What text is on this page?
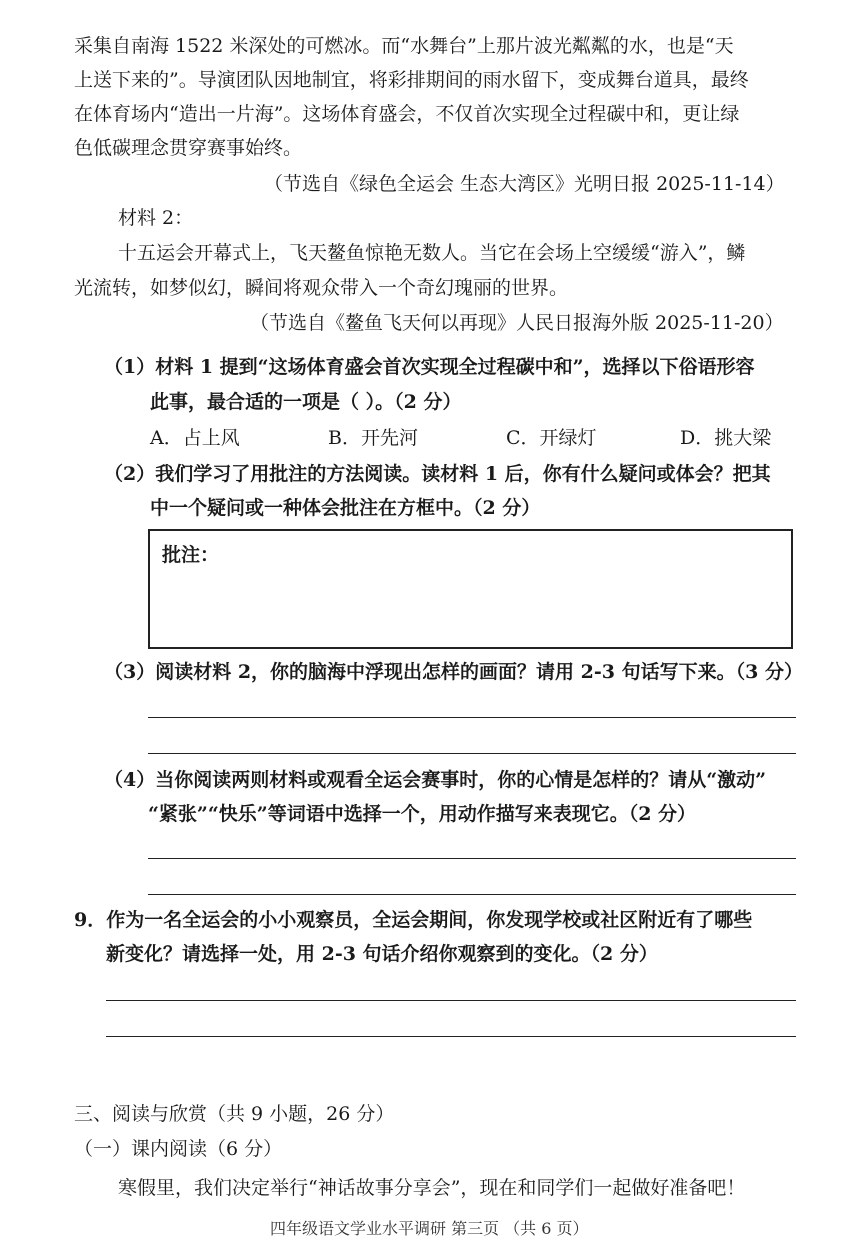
采集自南海 1522 米深处的可燃冰。而“水舞台”上那片波光粼粼的水，也是“天
上送下来的”。导演团队因地制宜，将彩排期间的雨水留下，变成舞台道具，最终
在体育场内“造出一片海”。这场体育盛会，不仅首次实现全过程碳中和，更让绿
色低碳理念贯穿赛事始终。
（节选自《绿色全运会 生态大湾区》光明日报 2025-11-14）
材料 2：
十五运会开幕式上，飞天鳌鱼惊艳无数人。当它在会场上空缓缓“游入”，鳞
光流转，如梦似幻，瞬间将观众带入一个奇幻瑰丽的世界。
（节选自《鳌鱼飞天何以再现》人民日报海外版 2025-11-20）
（1）材料 1 提到“这场体育盛会首次实现全过程碳中和”，选择以下俗语形容
此事，最合适的一项是（ ）。（2 分）
A．占上风	B．开先河	C．开绿灯	D．挑大梁
（2）我们学习了用批注的方法阅读。读材料 1 后，你有什么疑问或体会？把其
中一个疑问或一种体会批注在方框中。（2 分）
批注：
（3）阅读材料 2，你的脑海中浮现出怎样的画面？请用 2-3 句话写下来。（3 分）
（4）当你阅读两则材料或观看全运会赛事时，你的心情是怎样的？请从“激动”
“紧张”“快乐”等词语中选择一个，用动作描写来表现它。（2 分）
9．作为一名全运会的小小观察员，全运会期间，你发现学校或社区附近有了哪些
新变化？请选择一处，用 2-3 句话介绍你观察到的变化。（2 分）
三、阅读与欣赏（共 9 小题，26 分）
（一）课内阅读（6 分）
寒假里，我们决定举行“神话故事分享会”，现在和同学们一起做好准备吧！
四年级语文学业水平调研 第三页 （共 6 页）
